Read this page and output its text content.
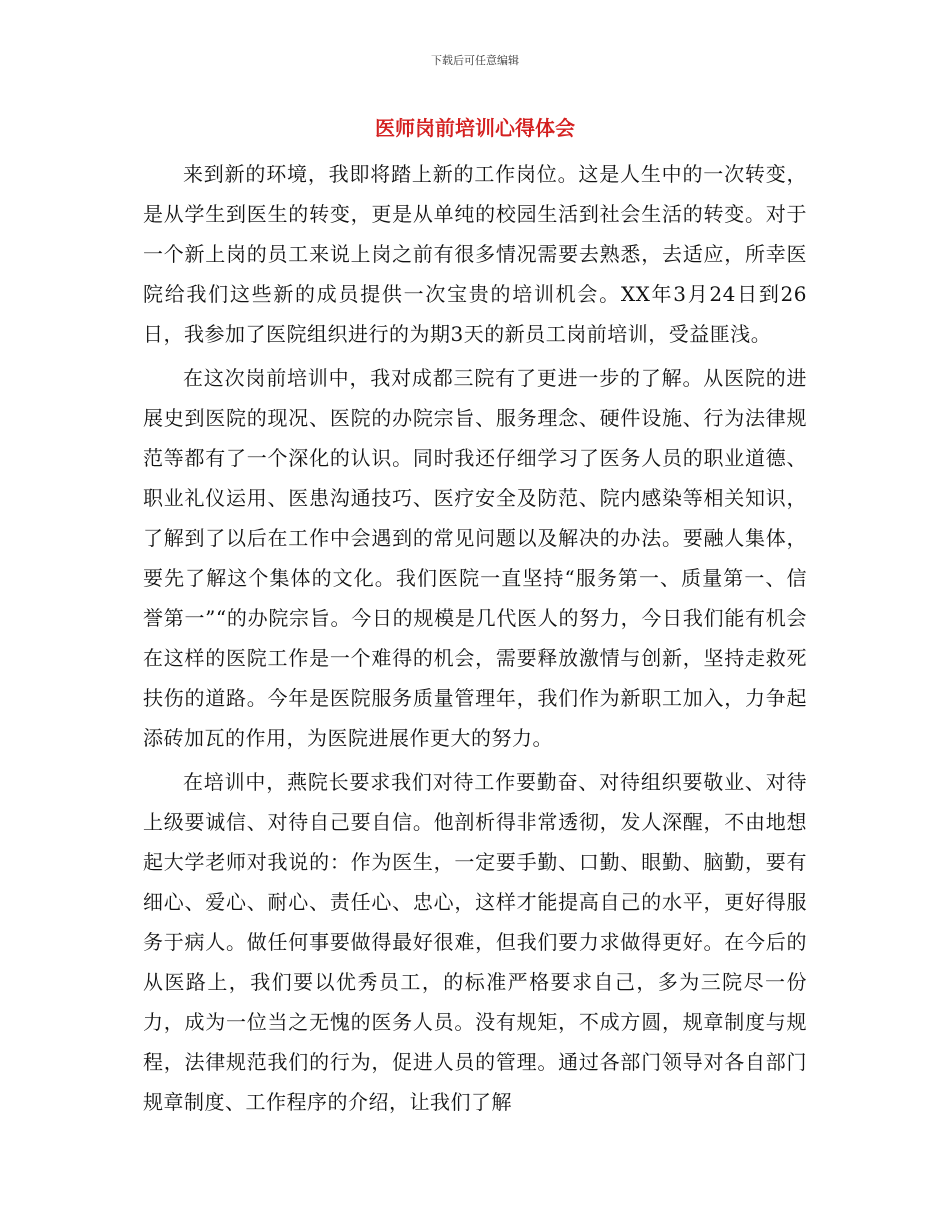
下载后可任意编辑
医师岗前培训心得体会

来到新的环境，我即将踏上新的工作岗位。这是人生中的一次转变，是从学生到医生的转变，更是从单纯的校园生活到社会生活的转变。对于一个新上岗的员工来说上岗之前有很多情况需要去熟悉，去适应，所幸医院给我们这些新的成员提供一次宝贵的培训机会。XX年3月24日到26日，我参加了医院组织进行的为期3天的新员工岗前培训，受益匪浅。

在这次岗前培训中，我对成都三院有了更进一步的了解。从医院的进展史到医院的现况、医院的办院宗旨、服务理念、硬件设施、行为法律规范等都有了一个深化的认识。同时我还仔细学习了医务人员的职业道德、职业礼仪运用、医患沟通技巧、医疗安全及防范、院内感染等相关知识，了解到了以后在工作中会遇到的常见问题以及解决的办法。要融人集体，要先了解这个集体的文化。我们医院一直坚持“服务第一、质量第一、信誉第一”“的办院宗旨。今日的规模是几代医人的努力，今日我们能有机会在这样的医院工作是一个难得的机会，需要释放激情与创新，坚持走救死扶伤的道路。今年是医院服务质量管理年，我们作为新职工加入，力争起添砖加瓦的作用，为医院进展作更大的努力。

在培训中，燕院长要求我们对待工作要勤奋、对待组织要敬业、对待上级要诚信、对待自己要自信。他剖析得非常透彻，发人深醒，不由地想起大学老师对我说的：作为医生，一定要手勤、口勤、眼勤、脑勤，要有细心、爱心、耐心、责任心、忠心，这样才能提高自己的水平，更好得服务于病人。做任何事要做得最好很难，但我们要力求做得更好。在今后的从医路上，我们要以优秀员工，的标准严格要求自己，多为三院尽一份力，成为一位当之无愧的医务人员。没有规矩，不成方圆，规章制度与规程，法律规范我们的行为，促进人员的管理。通过各部门领导对各自部门规章制度、工作程序的介绍，让我们了解
